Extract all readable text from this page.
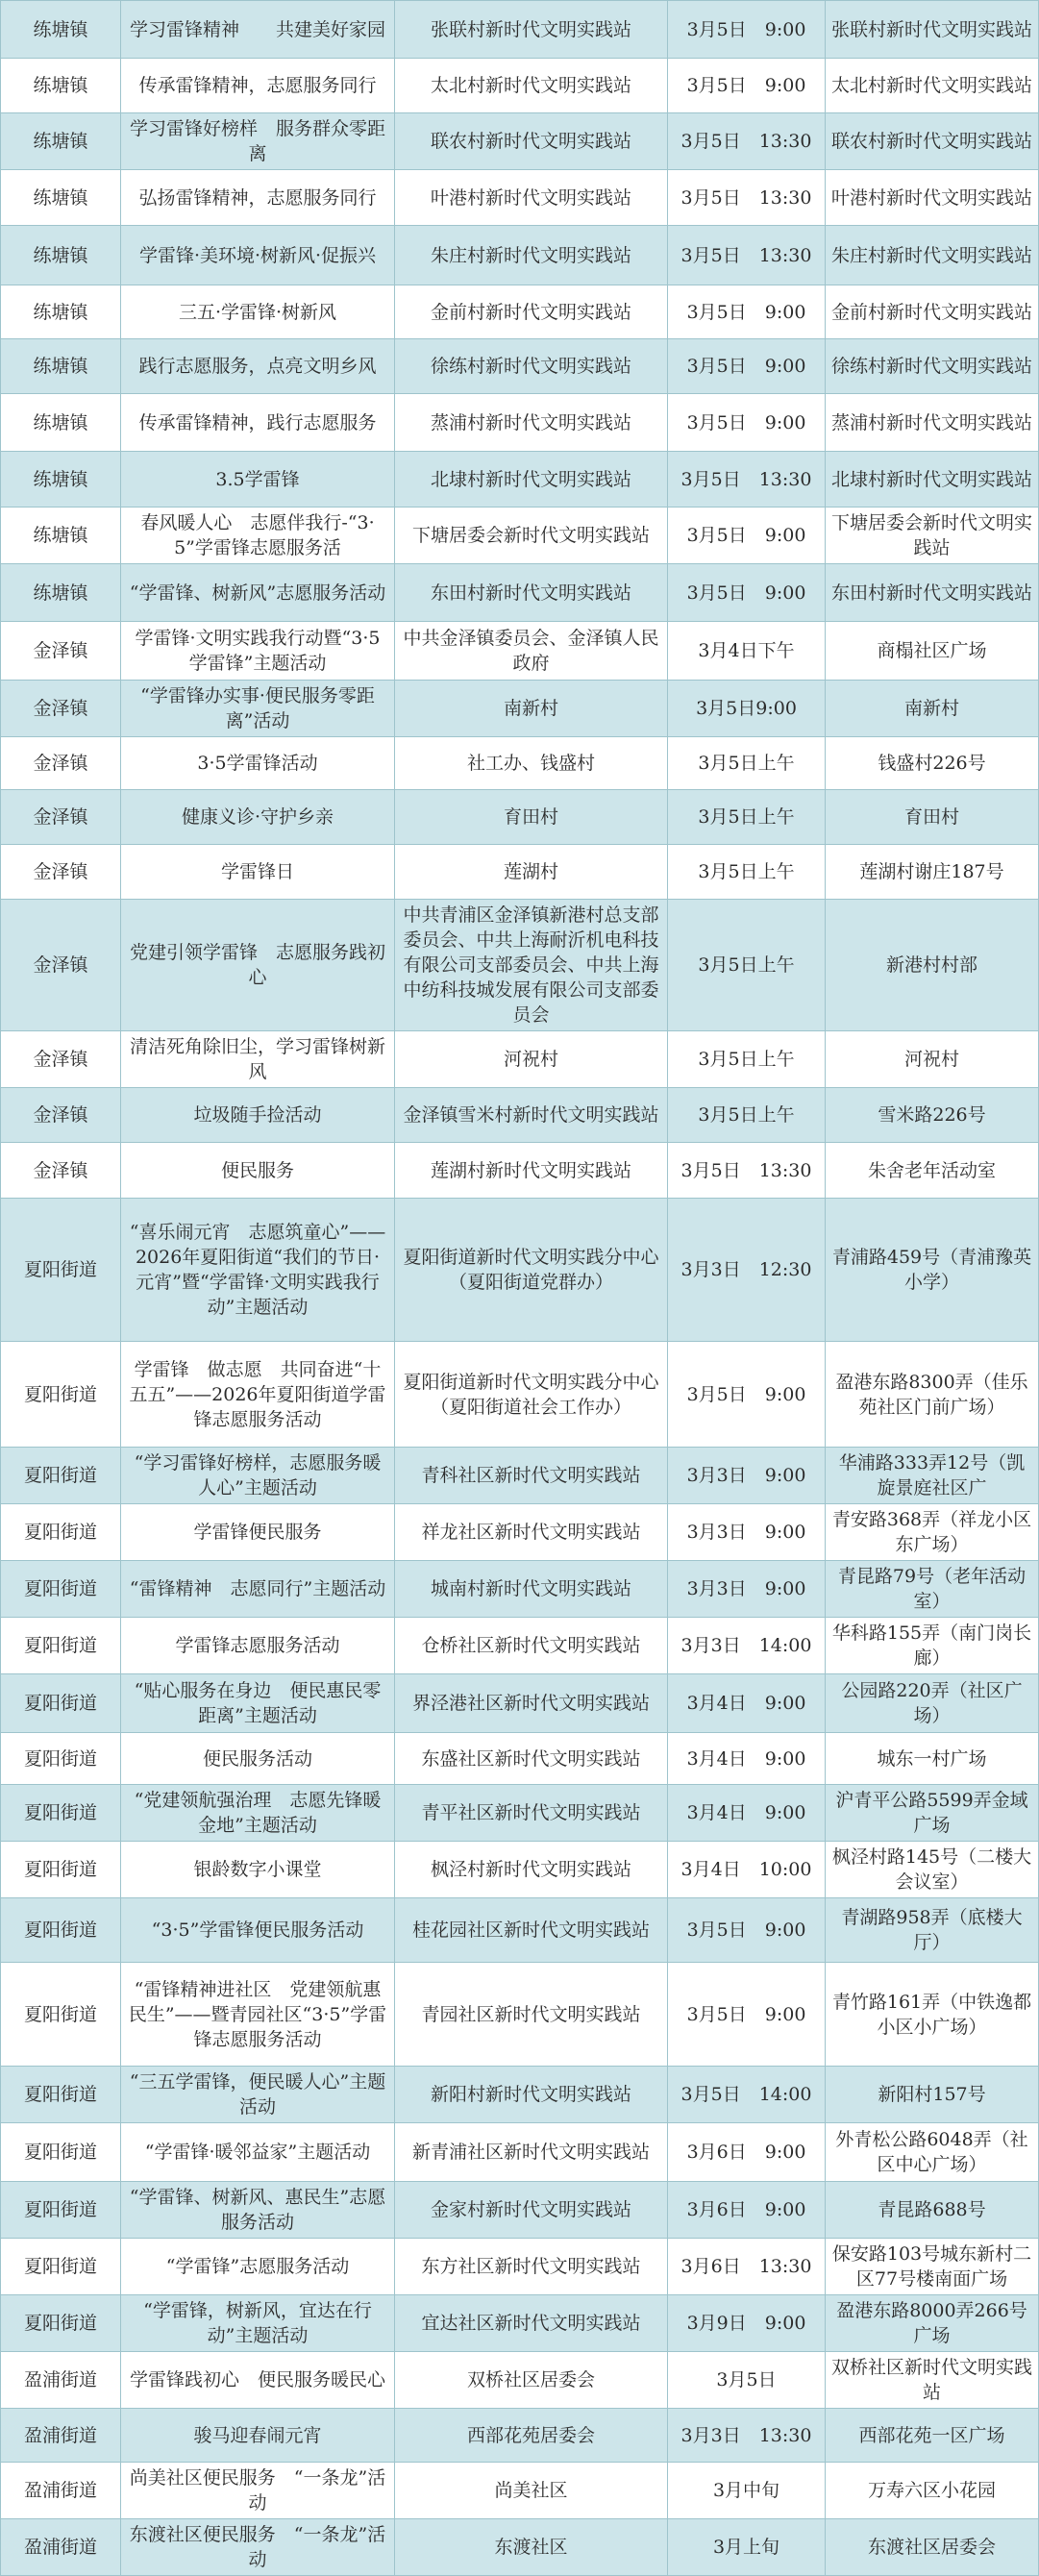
练塘镇	学习雷锋精神　　共建美好家园	张联村新时代文明实践站	3月5日　9:00	张联村新时代文明实践站
练塘镇	传承雷锋精神，志愿服务同行	太北村新时代文明实践站	3月5日　9:00	太北村新时代文明实践站
练塘镇	学习雷锋好榜样　服务群众零距离	联农村新时代文明实践站	3月5日　13:30	联农村新时代文明实践站
练塘镇	弘扬雷锋精神，志愿服务同行	叶港村新时代文明实践站	3月5日　13:30	叶港村新时代文明实践站
练塘镇	学雷锋·美环境·树新风·促振兴	朱庄村新时代文明实践站	3月5日　13:30	朱庄村新时代文明实践站
练塘镇	三五·学雷锋·树新风	金前村新时代文明实践站	3月5日　9:00	金前村新时代文明实践站
练塘镇	践行志愿服务，点亮文明乡风	徐练村新时代文明实践站	3月5日　9:00	徐练村新时代文明实践站
练塘镇	传承雷锋精神，践行志愿服务	蒸浦村新时代文明实践站	3月5日　9:00	蒸浦村新时代文明实践站
练塘镇	3.5学雷锋	北埭村新时代文明实践站	3月5日　13:30	北埭村新时代文明实践站
练塘镇	春风暖人心　志愿伴我行-“3·5”学雷锋志愿服务活	下塘居委会新时代文明实践站	3月5日　9:00	下塘居委会新时代文明实践站
练塘镇	“学雷锋、树新风”志愿服务活动	东田村新时代文明实践站	3月5日　9:00	东田村新时代文明实践站
金泽镇	学雷锋·文明实践我行动暨“3·5学雷锋”主题活动	中共金泽镇委员会、金泽镇人民政府	3月4日下午	商榻社区广场
金泽镇	“学雷锋办实事·便民服务零距离”活动	南新村	3月5日9:00	南新村
金泽镇	3·5学雷锋活动	社工办、钱盛村	3月5日上午	钱盛村226号
金泽镇	健康义诊·守护乡亲	育田村	3月5日上午	育田村
金泽镇	学雷锋日	莲湖村	3月5日上午	莲湖村谢庄187号
金泽镇	党建引领学雷锋　志愿服务践初心	中共青浦区金泽镇新港村总支部委员会、中共上海耐沂机电科技有限公司支部委员会、中共上海中纺科技城发展有限公司支部委员会	3月5日上午	新港村村部
金泽镇	清洁死角除旧尘，学习雷锋树新风	河祝村	3月5日上午	河祝村
金泽镇	垃圾随手捡活动	金泽镇雪米村新时代文明实践站	3月5日上午	雪米路226号
金泽镇	便民服务	莲湖村新时代文明实践站	3月5日　13:30	朱舍老年活动室
夏阳街道	“喜乐闹元宵　志愿筑童心”——2026年夏阳街道“我们的节日·元宵”暨“学雷锋·文明实践我行动”主题活动	夏阳街道新时代文明实践分中心（夏阳街道党群办）	3月3日　12:30	青浦路459号（青浦豫英小学）
夏阳街道	学雷锋　做志愿　共同奋进“十五五”——2026年夏阳街道学雷锋志愿服务活动	夏阳街道新时代文明实践分中心（夏阳街道社会工作办）	3月5日　9:00	盈港东路8300弄（佳乐苑社区门前广场）
夏阳街道	“学习雷锋好榜样，志愿服务暖人心”主题活动	青科社区新时代文明实践站	3月3日　9:00	华浦路333弄12号（凯旋景庭社区广
夏阳街道	学雷锋便民服务	祥龙社区新时代文明实践站	3月3日　9:00	青安路368弄（祥龙小区东广场）
夏阳街道	“雷锋精神　志愿同行”主题活动	城南村新时代文明实践站	3月3日　9:00	青昆路79号（老年活动室）
夏阳街道	学雷锋志愿服务活动	仓桥社区新时代文明实践站	3月3日　14:00	华科路155弄（南门岗长廊）
夏阳街道	“贴心服务在身边　便民惠民零距离”主题活动	界泾港社区新时代文明实践站	3月4日　9:00	公园路220弄（社区广场）
夏阳街道	便民服务活动	东盛社区新时代文明实践站	3月4日　9:00	城东一村广场
夏阳街道	“党建领航强治理　志愿先锋暖金地”主题活动	青平社区新时代文明实践站	3月4日　9:00	沪青平公路5599弄金域广场
夏阳街道	银龄数字小课堂	枫泾村新时代文明实践站	3月4日　10:00	枫泾村路145号（二楼大会议室）
夏阳街道	“3·5”学雷锋便民服务活动	桂花园社区新时代文明实践站	3月5日　9:00	青湖路958弄（底楼大厅）
夏阳街道	“雷锋精神进社区　党建领航惠民生”——暨青园社区“3·5”学雷锋志愿服务活动	青园社区新时代文明实践站	3月5日　9:00	青竹路161弄（中铁逸都小区小广场）
夏阳街道	“三五学雷锋，便民暖人心”主题活动	新阳村新时代文明实践站	3月5日　14:00	新阳村157号
夏阳街道	“学雷锋·暖邻益家”主题活动	新青浦社区新时代文明实践站	3月6日　9:00	外青松公路6048弄（社区中心广场）
夏阳街道	“学雷锋、树新风、惠民生”志愿服务活动	金家村新时代文明实践站	3月6日　9:00	青昆路688号
夏阳街道	“学雷锋”志愿服务活动	东方社区新时代文明实践站	3月6日　13:30	保安路103号城东新村二区77号楼南面广场
夏阳街道	“学雷锋，树新风，宜达在行动”主题活动	宜达社区新时代文明实践站	3月9日　9:00	盈港东路8000弄266号广场
盈浦街道	学雷锋践初心　便民服务暖民心	双桥社区居委会	3月5日	双桥社区新时代文明实践站
盈浦街道	骏马迎春闹元宵	西部花苑居委会	3月3日　13:30	西部花苑一区广场
盈浦街道	尚美社区便民服务　“一条龙”活动	尚美社区	3月中旬	万寿六区小花园
盈浦街道	东渡社区便民服务　“一条龙”活动	东渡社区	3月上旬	东渡社区居委会
